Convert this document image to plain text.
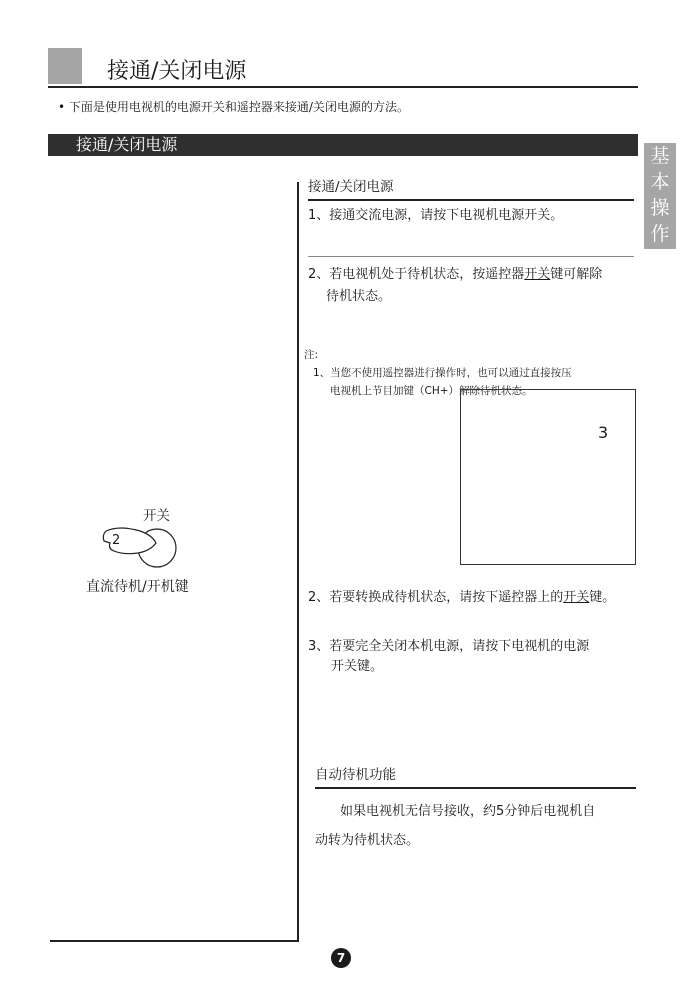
接通/关闭电源
• 下面是使用电视机的电源开关和遥控器来接通/关闭电源的方法。
接通/关闭电源
基
本
操
作
开关
2
直流待机/开机键
接通/关闭电源
1、接通交流电源，请按下电视机电源开关。
2、若电视机处于待机状态，按遥控器开关键可解除
待机状态。
注:
1、当您不使用遥控器进行操作时，也可以通过直接按压
电视机上节目加键（CH+）解除待机状态。
3
2、若要转换成待机状态，请按下遥控器上的开关键。
3、若要完全关闭本机电源，请按下电视机的电源
开关键。
自动待机功能
如果电视机无信号接收，约5分钟后电视机自
动转为待机状态。
7
